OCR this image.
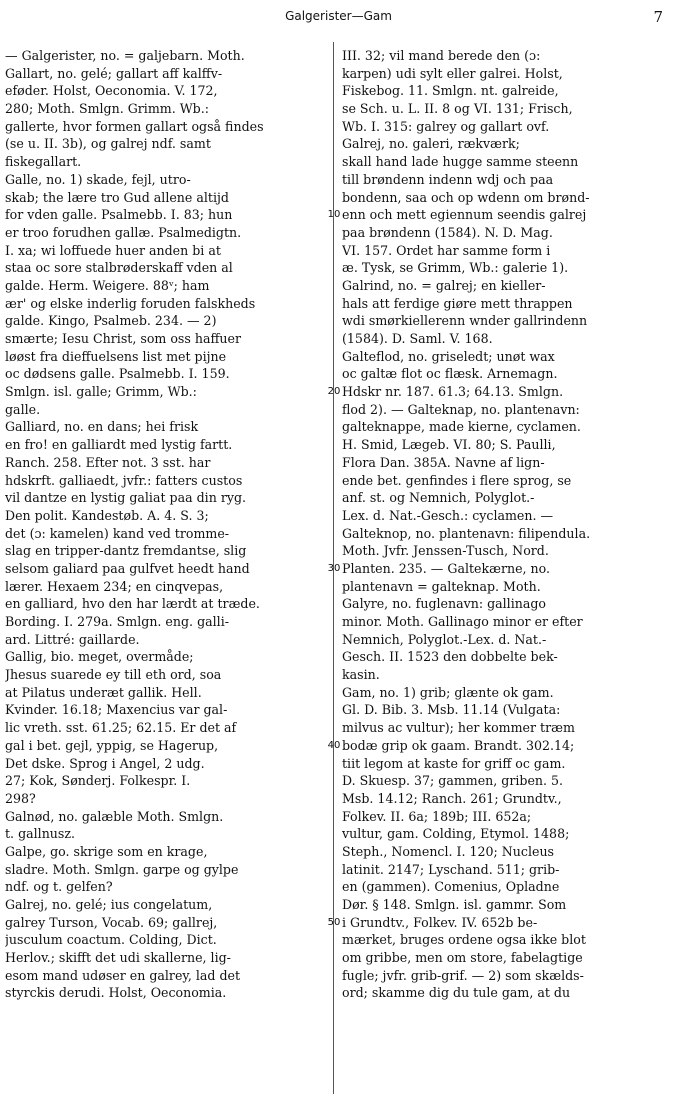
Galgerister—Gam	7
— Galgerister, no. = galjebarn. Moth.
Gallart, no. gelé; gallart aff kalffv-
eføder. Holst, Oeconomia. V. 172,
280; Moth. Smlgn. Grimm. Wb.:
gallerte, hvor formen gallart også findes
(se u. II. 3b), og galrej ndf. samt
fiskegallart.
Galle, no. 1) skade, fejl, utro-
skab; the lære tro Gud allene altijd
for vden galle. Psalmebb. I. 83; hun
er troo forudhen gallæ. Psalmedigtn.
I. xa; wi loffuede huer anden bi at
staa oc sore stalbrøderskaff vden al
galde. Herm. Weigere. 88ᵛ; ham
ær' og elske inderlig foruden falskheds
galde. Kingo, Psalmeb. 234. — 2)
smærte; Iesu Christ, som oss haffuer
løøst fra dieffuelsens list met pijne
oc dødsens galle. Psalmebb. I. 159.
Smlgn. isl. galle; Grimm, Wb.:
galle.
Galliard, no. en dans; hei frisk
en fro! en galliardt med lystig fartt.
Ranch. 258. Efter not. 3 sst. har
hdskrft. galliaedt, jvfr.: fatters custos
vil dantze en lystig galiat paa din ryg.
Den polit. Kandestøb. A. 4. S. 3;
det (ɔ: kamelen) kand ved tromme-
slag en tripper-dantz fremdantse, slig
selsom galiard paa gulfvet heedt hand
lærer. Hexaem 234; en cinqvepas,
en galliard, hvo den har lærdt at træde.
Bording. I. 279a. Smlgn. eng. galli-
ard. Littré: gaillarde.
Gallig, bio. meget, overmåde;
Jhesus suarede ey till eth ord, soa
at Pilatus underæt gallik. Hell.
Kvinder. 16.18; Maxencius var gal-
lic vreth. sst. 61.25; 62.15. Er det af
gal i bet. gejl, yppig, se Hagerup,
Det dske. Sprog i Angel, 2 udg.
27; Kok, Sønderj. Folkespr. I.
298?
Galnød, no. galæble Moth. Smlgn.
t. gallnusz.
Galpe, go. skrige som en krage,
sladre. Moth. Smlgn. garpe og gylpe
ndf. og t. gelfen?
Galrej, no. gelé; ius congelatum,
galrey Turson, Vocab. 69; gallrej,
jusculum coactum. Colding, Dict.
Herlov.; skifft det udi skallerne, lig-
esom mand udøser en galrey, lad det
styrckis derudi. Holst, Oeconomia.
III. 32; vil mand berede den (ɔ:
karpen) udi sylt eller galrei. Holst,
Fiskebog. 11. Smlgn. nt. galreide,
se Sch. u. L. II. 8 og VI. 131; Frisch,
Wb. I. 315: galrey og gallart ovf.
Galrej, no. galeri, rækværk;
skall hand lade hugge samme steenn
till brøndenn indenn wdj och paa
bondenn, saa och op wdenn om brønd-
enn och mett egiennum seendis galrej
paa brøndenn (1584). N. D. Mag.
VI. 157. Ordet har samme form i
æ. Tysk, se Grimm, Wb.: galerie 1).
Galrind, no. = galrej; en kieller-
hals att ferdige giøre mett thrappen
wdi smørkiellerenn wnder gallrindenn
(1584). D. Saml. V. 168.
Galteflod, no. griseledt; unøt wax
oc galtæ flot oc flæsk. Arnemagn.
Hdskr nr. 187. 61.3; 64.13. Smlgn.
flod 2). — Galteknap, no. plantenavn:
galteknappe, made kierne, cyclamen.
H. Smid, Lægeb. VI. 80; S. Paulli,
Flora Dan. 385A. Navne af lign-
ende bet. genfindes i flere sprog, se
anf. st. og Nemnich, Polyglot.-
Lex. d. Nat.-Gesch.: cyclamen. —
Galteknop, no. plantenavn: filipendula.
Moth. Jvfr. Jenssen-Tusch, Nord.
Planten. 235. — Galtekærne, no.
plantenavn = galteknap. Moth.
Galyre, no. fuglenavn: gallinago
minor. Moth. Gallinago minor er efter
Nemnich, Polyglot.-Lex. d. Nat.-
Gesch. II. 1523 den dobbelte bek-
kasin.
Gam, no. 1) grib; glænte ok gam.
Gl. D. Bib. 3. Msb. 11.14 (Vulgata:
milvus ac vultur); her kommer træm
bodæ grip ok gaam. Brandt. 302.14;
tiit legom at kaste for griff oc gam.
D. Skuesp. 37; gammen, griben. 5.
Msb. 14.12; Ranch. 261; Grundtv.,
Folkev. II. 6a; 189b; III. 652a;
vultur, gam. Colding, Etymol. 1488;
Steph., Nomencl. I. 120; Nucleus
latinit. 2147; Lyschand. 511; grib-
en (gammen). Comenius, Opladne
Dør. § 148. Smlgn. isl. gammr. Som
i Grundtv., Folkev. IV. 652b be-
mærket, bruges ordene ogsa ikke blot
om gribbe, men om store, fabelagtige
fugle; jvfr. grib-grif. — 2) som skælds-
ord; skamme dig du tule gam, at du
10
20
30
40
50
